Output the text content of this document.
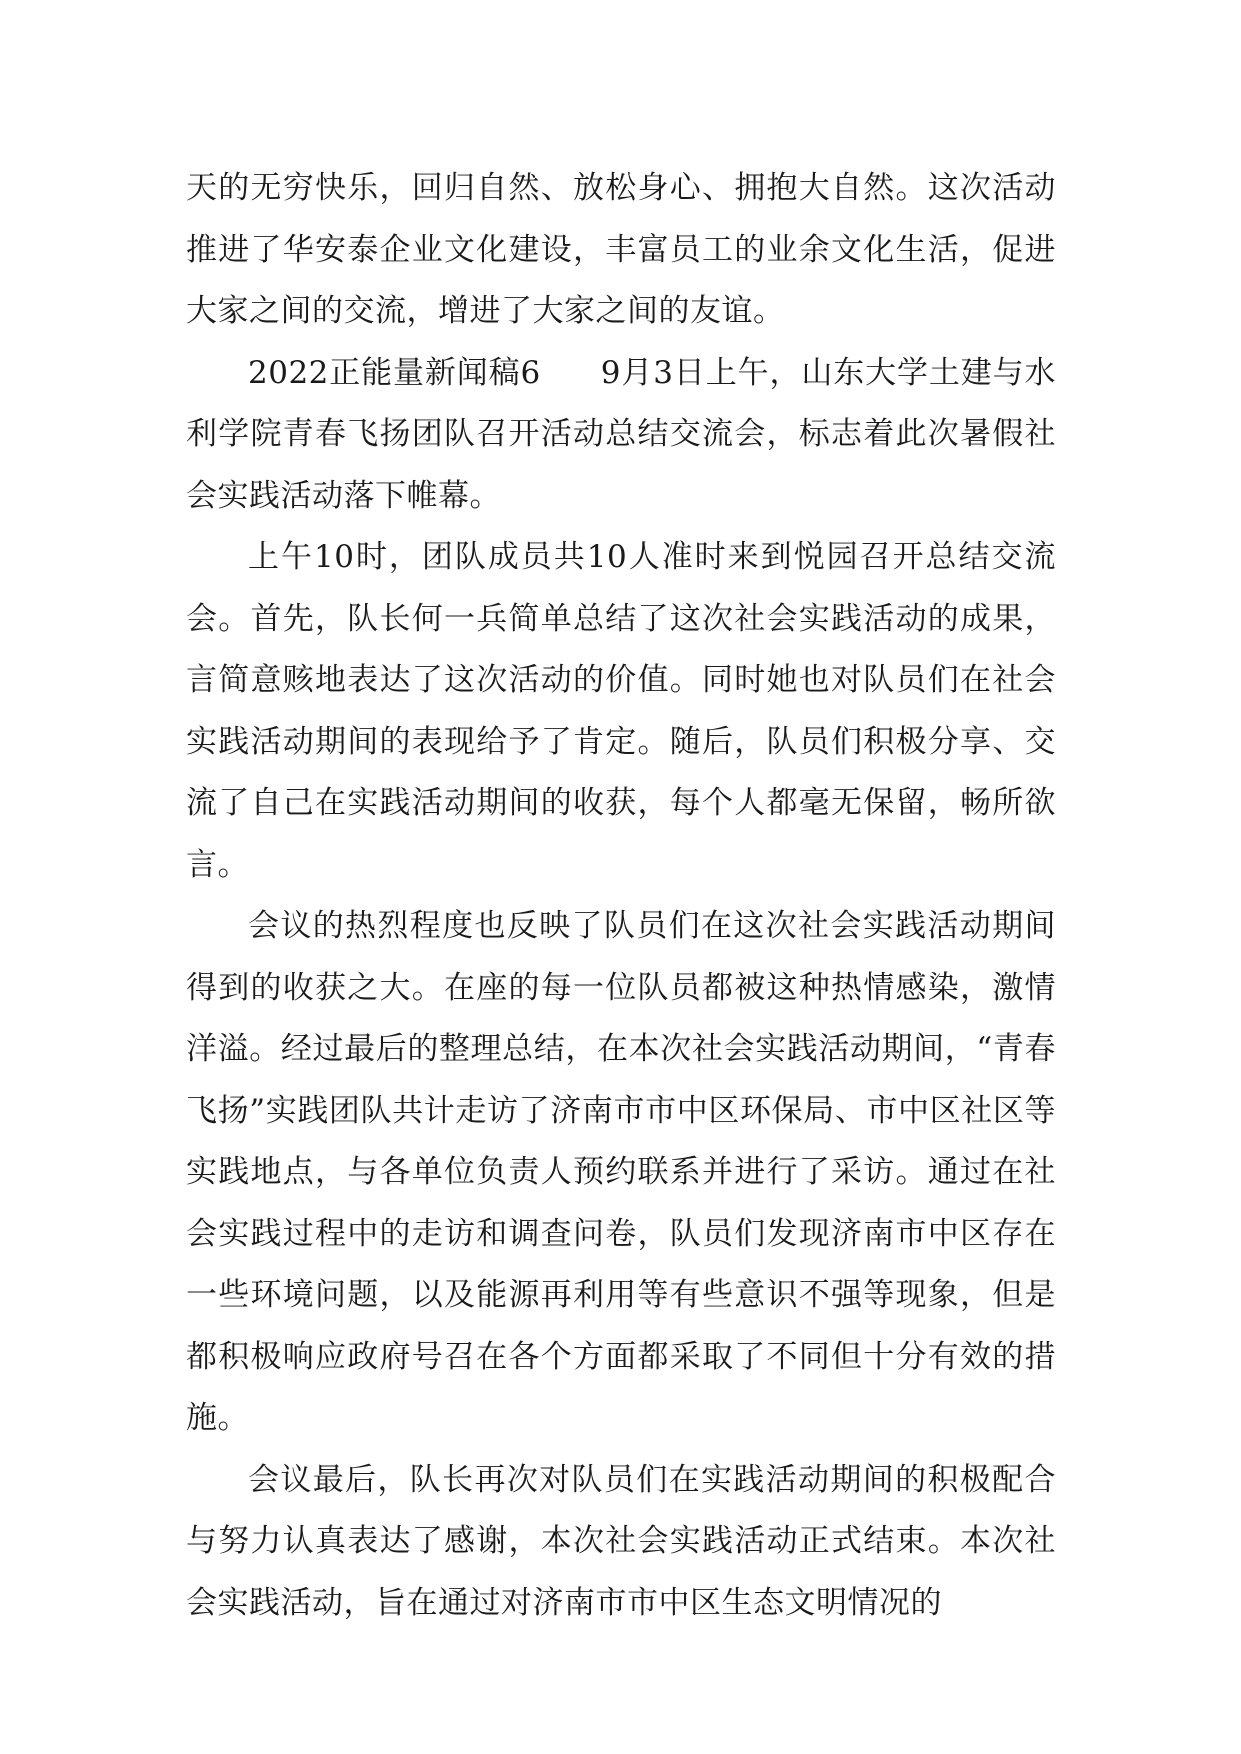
天的无穷快乐，回归自然、放松身心、拥抱大自然。这次活动推进了华安泰企业文化建设，丰富员工的业余文化生活，促进大家之间的交流，增进了大家之间的友谊。

2022正能量新闻稿6 9月3日上午，山东大学土建与水利学院青春飞扬团队召开活动总结交流会，标志着此次暑假社会实践活动落下帷幕。

上午10时，团队成员共10人准时来到悦园召开总结交流会。首先，队长何一兵简单总结了这次社会实践活动的成果，言简意赅地表达了这次活动的价值。同时她也对队员们在社会实践活动期间的表现给予了肯定。随后，队员们积极分享、交流了自己在实践活动期间的收获，每个人都毫无保留，畅所欲言。

会议的热烈程度也反映了队员们在这次社会实践活动期间得到的收获之大。在座的每一位队员都被这种热情感染，激情洋溢。经过最后的整理总结，在本次社会实践活动期间，“青春飞扬”实践团队共计走访了济南市市中区环保局、市中区社区等实践地点，与各单位负责人预约联系并进行了采访。通过在社会实践过程中的走访和调查问卷，队员们发现济南市中区存在一些环境问题，以及能源再利用等有些意识不强等现象，但是都积极响应政府号召在各个方面都采取了不同但十分有效的措施。

会议最后，队长再次对队员们在实践活动期间的积极配合与努力认真表达了感谢，本次社会实践活动正式结束。本次社会实践活动，旨在通过对济南市市中区生态文明情况的
